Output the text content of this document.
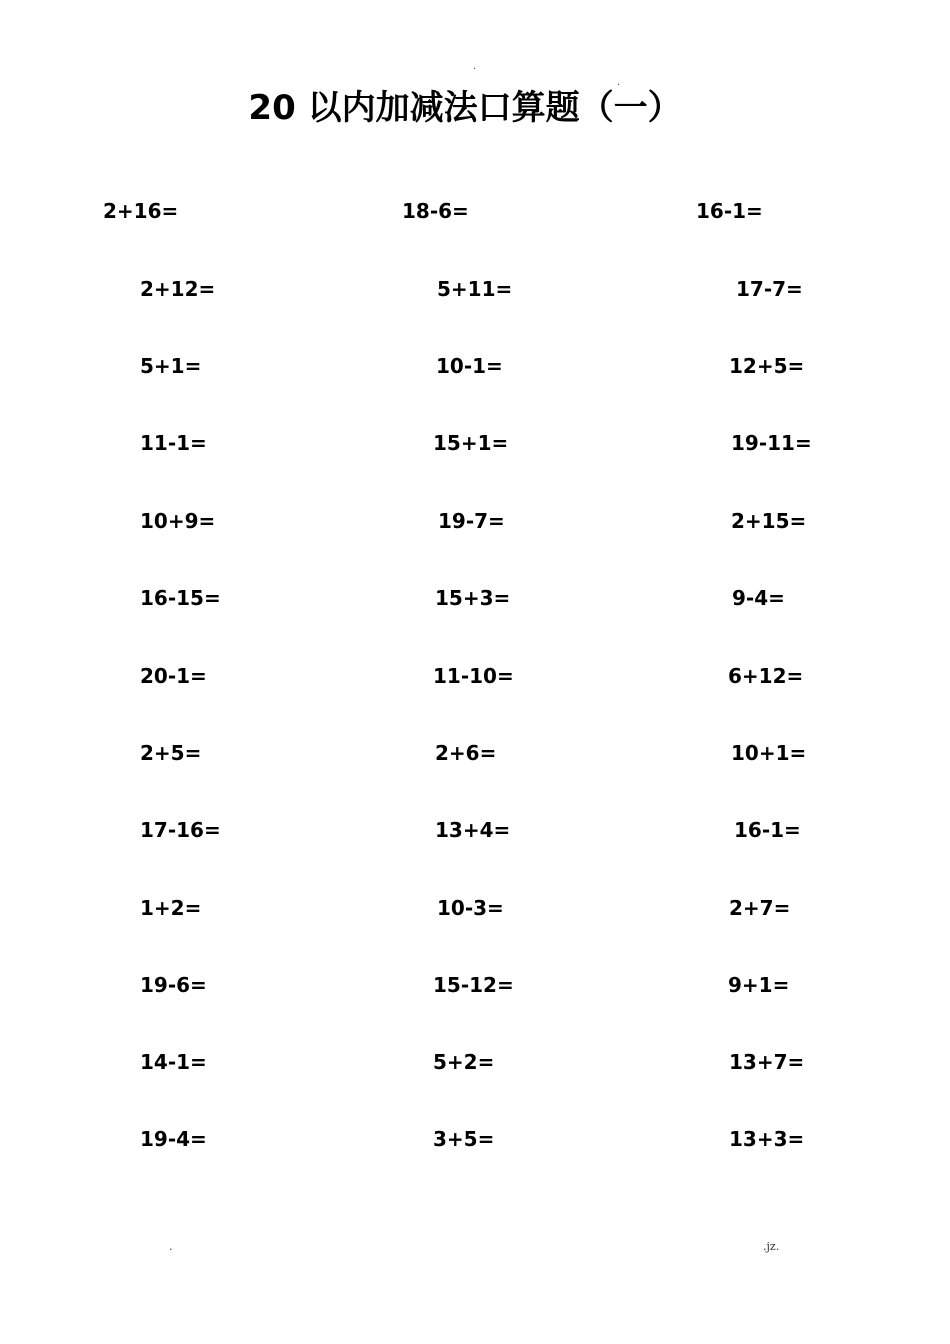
.
.
20 以内加减法口算题（一）
2+16=	18-6=	16-1=
2+12=	5+11=	17-7=
5+1=	10-1=	12+5=
11-1=	15+1=	19-11=
10+9=	19-7=	2+15=
16-15=	15+3=	9-4=
20-1=	11-10=	6+12=
2+5=	2+6=	10+1=
17-16=	13+4=	16-1=
1+2=	10-3=	2+7=
19-6=	15-12=	9+1=
14-1=	5+2=	13+7=
19-4=	3+5=	13+3=
.	.jz.
